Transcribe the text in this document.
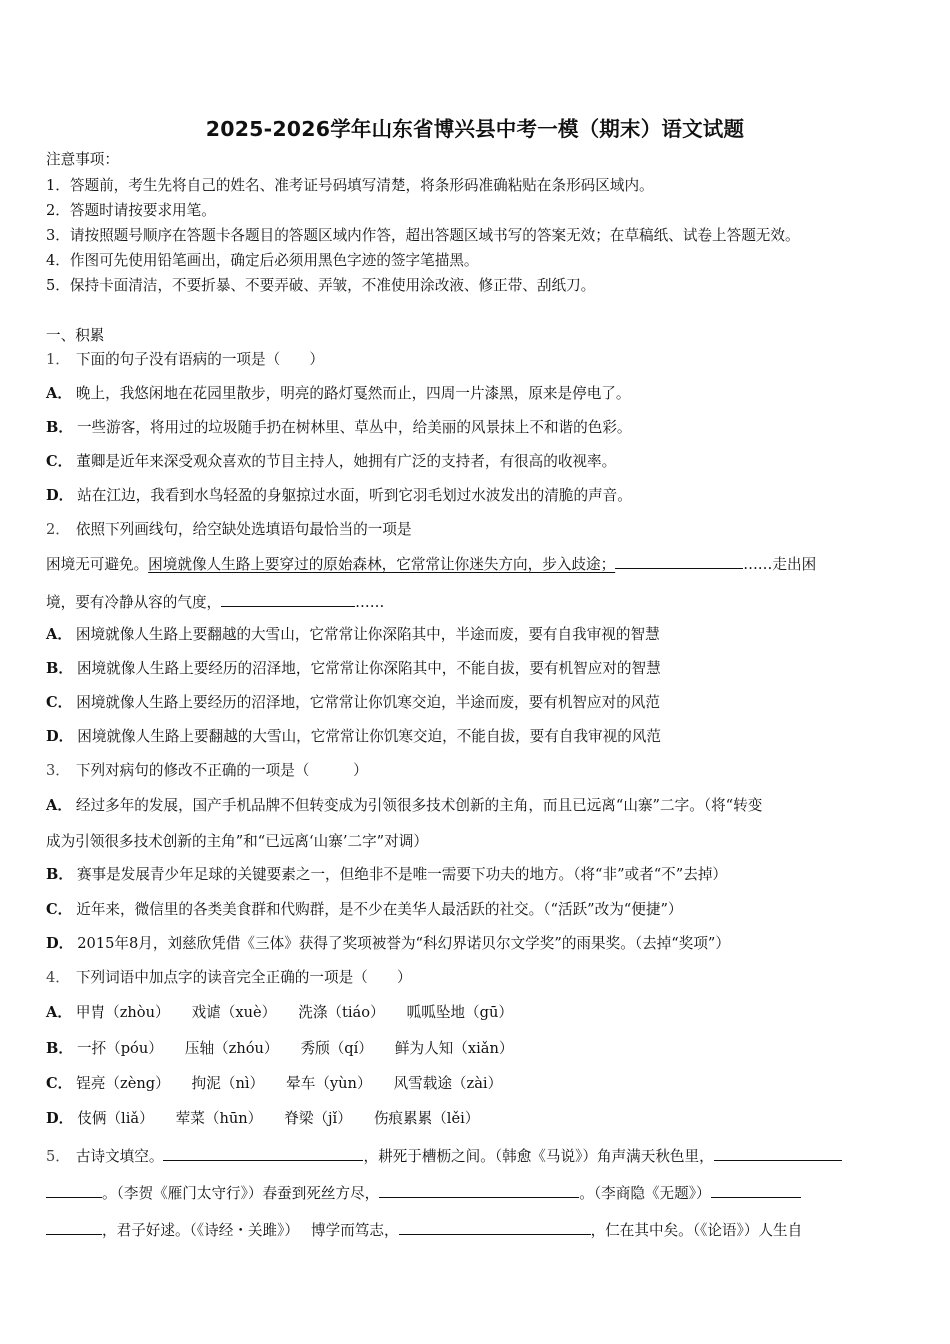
2025-2026学年山东省博兴县中考一模（期末）语文试题
注意事项：
1．答题前，考生先将自己的姓名、准考证号码填写清楚，将条形码准确粘贴在条形码区域内。
2．答题时请按要求用笔。
3．请按照题号顺序在答题卡各题目的答题区域内作答，超出答题区域书写的答案无效；在草稿纸、试卷上答题无效。
4．作图可先使用铅笔画出，确定后必须用黑色字迹的签字笔描黑。
5．保持卡面清洁，不要折暴、不要弄破、弄皱，不准使用涂改液、修正带、刮纸刀。
一、积累
1． 下面的句子没有语病的一项是（　　）
A． 晚上，我悠闲地在花园里散步，明亮的路灯戛然而止，四周一片漆黑，原来是停电了。
B． 一些游客，将用过的垃圾随手扔在树林里、草丛中，给美丽的风景抹上不和谐的色彩。
C． 董卿是近年来深受观众喜欢的节目主持人，她拥有广泛的支持者，有很高的收视率。
D． 站在江边，我看到水鸟轻盈的身躯掠过水面，听到它羽毛划过水波发出的清脆的声音。
2． 依照下列画线句，给空缺处选填语句最恰当的一项是
困境无可避免。困境就像人生路上要穿过的原始森林，它常常让你迷失方向，步入歧途；	……走出困
境，要有冷静从容的气度，	……
A． 困境就像人生路上要翻越的大雪山，它常常让你深陷其中，半途而废，要有自我审视的智慧
B． 困境就像人生路上要经历的沼泽地，它常常让你深陷其中，不能自拔，要有机智应对的智慧
C． 困境就像人生路上要经历的沼泽地，它常常让你饥寒交迫，半途而废，要有机智应对的风范
D． 困境就像人生路上要翻越的大雪山，它常常让你饥寒交迫，不能自拔，要有自我审视的风范
3． 下列对病句的修改不正确的一项是（　　　）
A． 经过多年的发展，国产手机品牌不但转变成为引领很多技术创新的主角，而且已远离“山寨”二字。（将“转变
成为引领很多技术创新的主角”和“已远离‘山寨’二字”对调）
B． 赛事是发展青少年足球的关键要素之一，但绝非不是唯一需要下功夫的地方。（将“非”或者“不”去掉）
C． 近年来，微信里的各类美食群和代购群，是不少在美华人最活跃的社交。（“活跃”改为“便捷”）
D． 2015年8月，刘慈欣凭借《三体》获得了奖项被誉为“科幻界诺贝尔文学奖”的雨果奖。（去掉“奖项”）
4． 下列词语中加点字的读音完全正确的一项是（　　）
A． 甲胄（zhòu） 戏谑（xuè） 洗涤（tiáo） 呱呱坠地（gū）
B． 一抔（póu） 压轴（zhóu） 秀颀（qí） 鲜为人知（xiǎn）
C． 锃亮（zèng） 拘泥（nì） 晕车（yùn） 风雪载途（zài）
D． 伎俩（liǎ） 荤菜（hūn） 脊梁（jǐ） 伤痕累累（lěi）
5． 古诗文填空。	，耕死于槽枥之间。（韩愈《马说》）角声满天秋色里，
。（李贺《雁门太守行》）春蚕到死丝方尽，	。（李商隐《无题》）
，君子好逑。（《诗经・关雎》） 博学而笃志，	，仁在其中矣。（《论语》）人生自
